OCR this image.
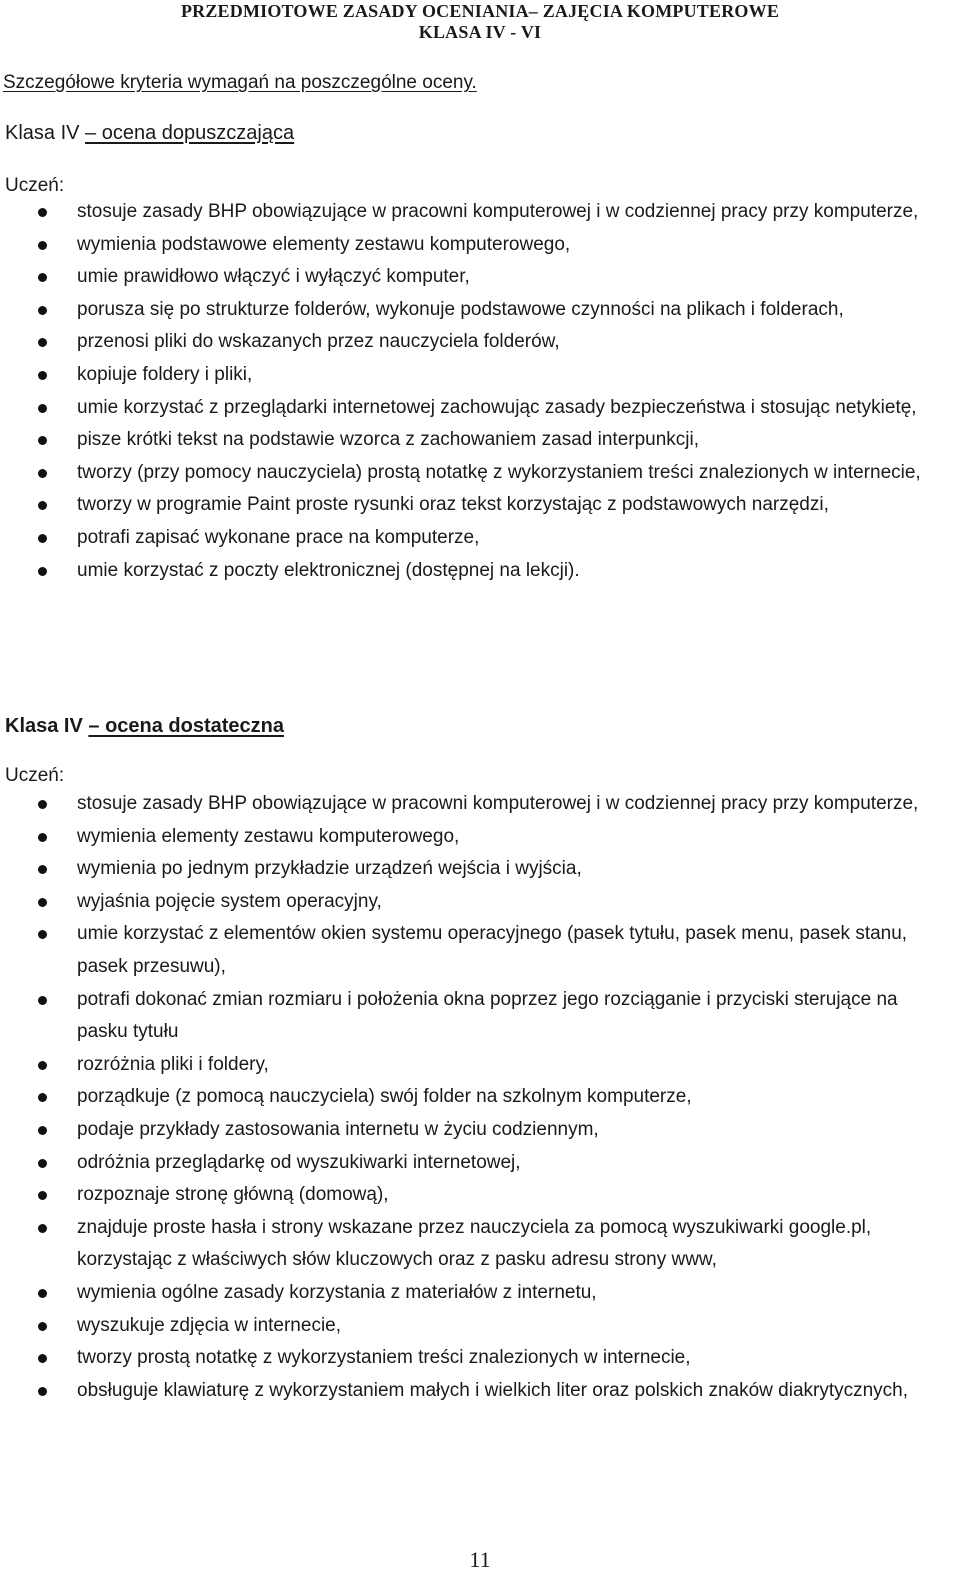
PRZEDMIOTOWE ZASADY OCENIANIA– ZAJĘCIA KOMPUTEROWE
KLASA IV - VI
Szczegółowe kryteria wymagań na poszczególne oceny.
Klasa IV – ocena dopuszczająca
Uczeń:
stosuje zasady BHP obowiązujące w pracowni komputerowej i w codziennej pracy przy komputerze,
wymienia podstawowe elementy zestawu komputerowego,
umie prawidłowo włączyć i wyłączyć komputer,
porusza się po strukturze folderów, wykonuje podstawowe czynności na plikach i folderach,
przenosi pliki do wskazanych przez nauczyciela folderów,
kopiuje foldery i pliki,
umie korzystać z przeglądarki internetowej zachowując zasady bezpieczeństwa i stosując netykietę,
pisze krótki tekst na podstawie wzorca z zachowaniem zasad interpunkcji,
tworzy (przy pomocy nauczyciela) prostą notatkę z wykorzystaniem treści znalezionych w internecie,
tworzy w programie Paint proste rysunki oraz tekst korzystając z podstawowych narzędzi,
potrafi zapisać wykonane prace na komputerze,
umie korzystać z poczty elektronicznej (dostępnej na lekcji).
Klasa IV – ocena dostateczna
Uczeń:
stosuje zasady BHP obowiązujące w pracowni komputerowej i w codziennej pracy przy komputerze,
wymienia elementy zestawu komputerowego,
wymienia po jednym przykładzie urządzeń wejścia i wyjścia,
wyjaśnia pojęcie system operacyjny,
umie korzystać z elementów okien systemu operacyjnego (pasek tytułu, pasek menu, pasek stanu, pasek przesuwu),
potrafi dokonać zmian rozmiaru i położenia okna poprzez jego rozciąganie i przyciski sterujące na pasku tytułu
rozróżnia pliki i foldery,
porządkuje (z pomocą nauczyciela) swój folder na szkolnym komputerze,
podaje przykłady zastosowania internetu w życiu codziennym,
odróżnia przeglądarkę od wyszukiwarki internetowej,
rozpoznaje stronę główną (domową),
znajduje proste hasła i strony wskazane przez nauczyciela za pomocą wyszukiwarki google.pl, korzystając z właściwych słów kluczowych oraz z pasku adresu strony www,
wymienia ogólne zasady korzystania z materiałów z internetu,
wyszukuje zdjęcia w internecie,
tworzy prostą notatkę z wykorzystaniem treści znalezionych w internecie,
obsługuje klawiaturę z wykorzystaniem małych i wielkich liter oraz polskich znaków diakrytycznych,
11
